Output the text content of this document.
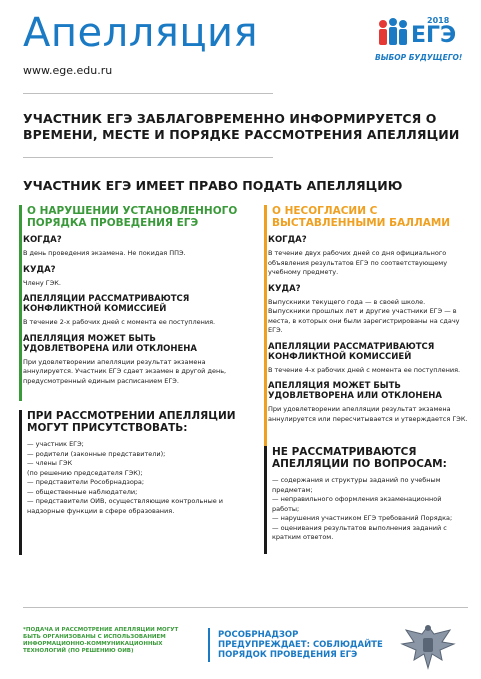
Апелляция
www.ege.edu.ru
2018
ЕГЭ
ВЫБОР БУДУЩЕГО!
УЧАСТНИК ЕГЭ ЗАБЛАГОВРЕМЕННО ИНФОРМИРУЕТСЯ О ВРЕМЕНИ, МЕСТЕ И ПОРЯДКЕ РАССМОТРЕНИЯ АПЕЛЛЯЦИИ
УЧАСТНИК ЕГЭ ИМЕЕТ ПРАВО ПОДАТЬ АПЕЛЛЯЦИЮ
О НАРУШЕНИИ УСТАНОВЛЕННОГО ПОРЯДКА ПРОВЕДЕНИЯ ЕГЭ
КОГДА?
В день проведения экзамена. Не покидая ППЭ.
КУДА?
Члену ГЭК.
АПЕЛЛЯЦИИ РАССМАТРИВАЮТСЯ КОНФЛИКТНОЙ КОМИССИЕЙ
В течение 2-х рабочих дней с момента ее поступления.
АПЕЛЛЯЦИЯ МОЖЕТ БЫТЬ УДОВЛЕТВОРЕНА ИЛИ ОТКЛОНЕНА
При удовлетворении апелляции результат экзамена аннулируется. Участник ЕГЭ сдает экзамен в другой день, предусмотренный единым расписанием ЕГЭ.
ПРИ РАССМОТРЕНИИ АПЕЛЛЯЦИИ МОГУТ ПРИСУТСТВОВАТЬ:
— участник ЕГЭ;
— родители (законные представители);
— члены ГЭК
(по решению председателя ГЭК);
— представители Рособрнадзора;
— общественные наблюдатели;
— представители ОИВ, осуществляющие контрольные и надзорные функции в сфере образования.
О НЕСОГЛАСИИ С ВЫСТАВЛЕННЫМИ БАЛЛАМИ
КОГДА?
В течение двух рабочих дней со дня официального объявления результатов ЕГЭ по соответствующему учебному предмету.
КУДА?
Выпускники текущего года — в своей школе. Выпускники прошлых лет и другие участники ЕГЭ — в места, в которых они были зарегистрированы на сдачу ЕГЭ.
АПЕЛЛЯЦИИ РАССМАТРИВАЮТСЯ КОНФЛИКТНОЙ КОМИССИЕЙ
В течение 4-х рабочих дней с момента ее поступления.
АПЕЛЛЯЦИЯ МОЖЕТ БЫТЬ УДОВЛЕТВОРЕНА ИЛИ ОТКЛОНЕНА
При удовлетворении апелляции результат экзамена аннулируется или пересчитывается и утверждается ГЭК.
НЕ РАССМАТРИВАЮТСЯ АПЕЛЛЯЦИИ ПО ВОПРОСАМ:
— содержания и структуры заданий по учебным предметам;
— неправильного оформления экзаменационной работы;
— нарушения участником ЕГЭ требований Порядка;
— оценивания результатов выполнения заданий с кратким ответом.
*ПОДАЧА И РАССМОТРЕНИЕ АПЕЛЛЯЦИИ МОГУТ БЫТЬ ОРГАНИЗОВАНЫ С ИСПОЛЬЗОВАНИЕМ ИНФОРМАЦИОННО-КОММУНИКАЦИОННЫХ ТЕХНОЛОГИЙ (ПО РЕШЕНИЮ ОИВ)
РОСОБРНАДЗОР ПРЕДУПРЕЖДАЕТ: СОБЛЮДАЙТЕ ПОРЯДОК ПРОВЕДЕНИЯ ЕГЭ
